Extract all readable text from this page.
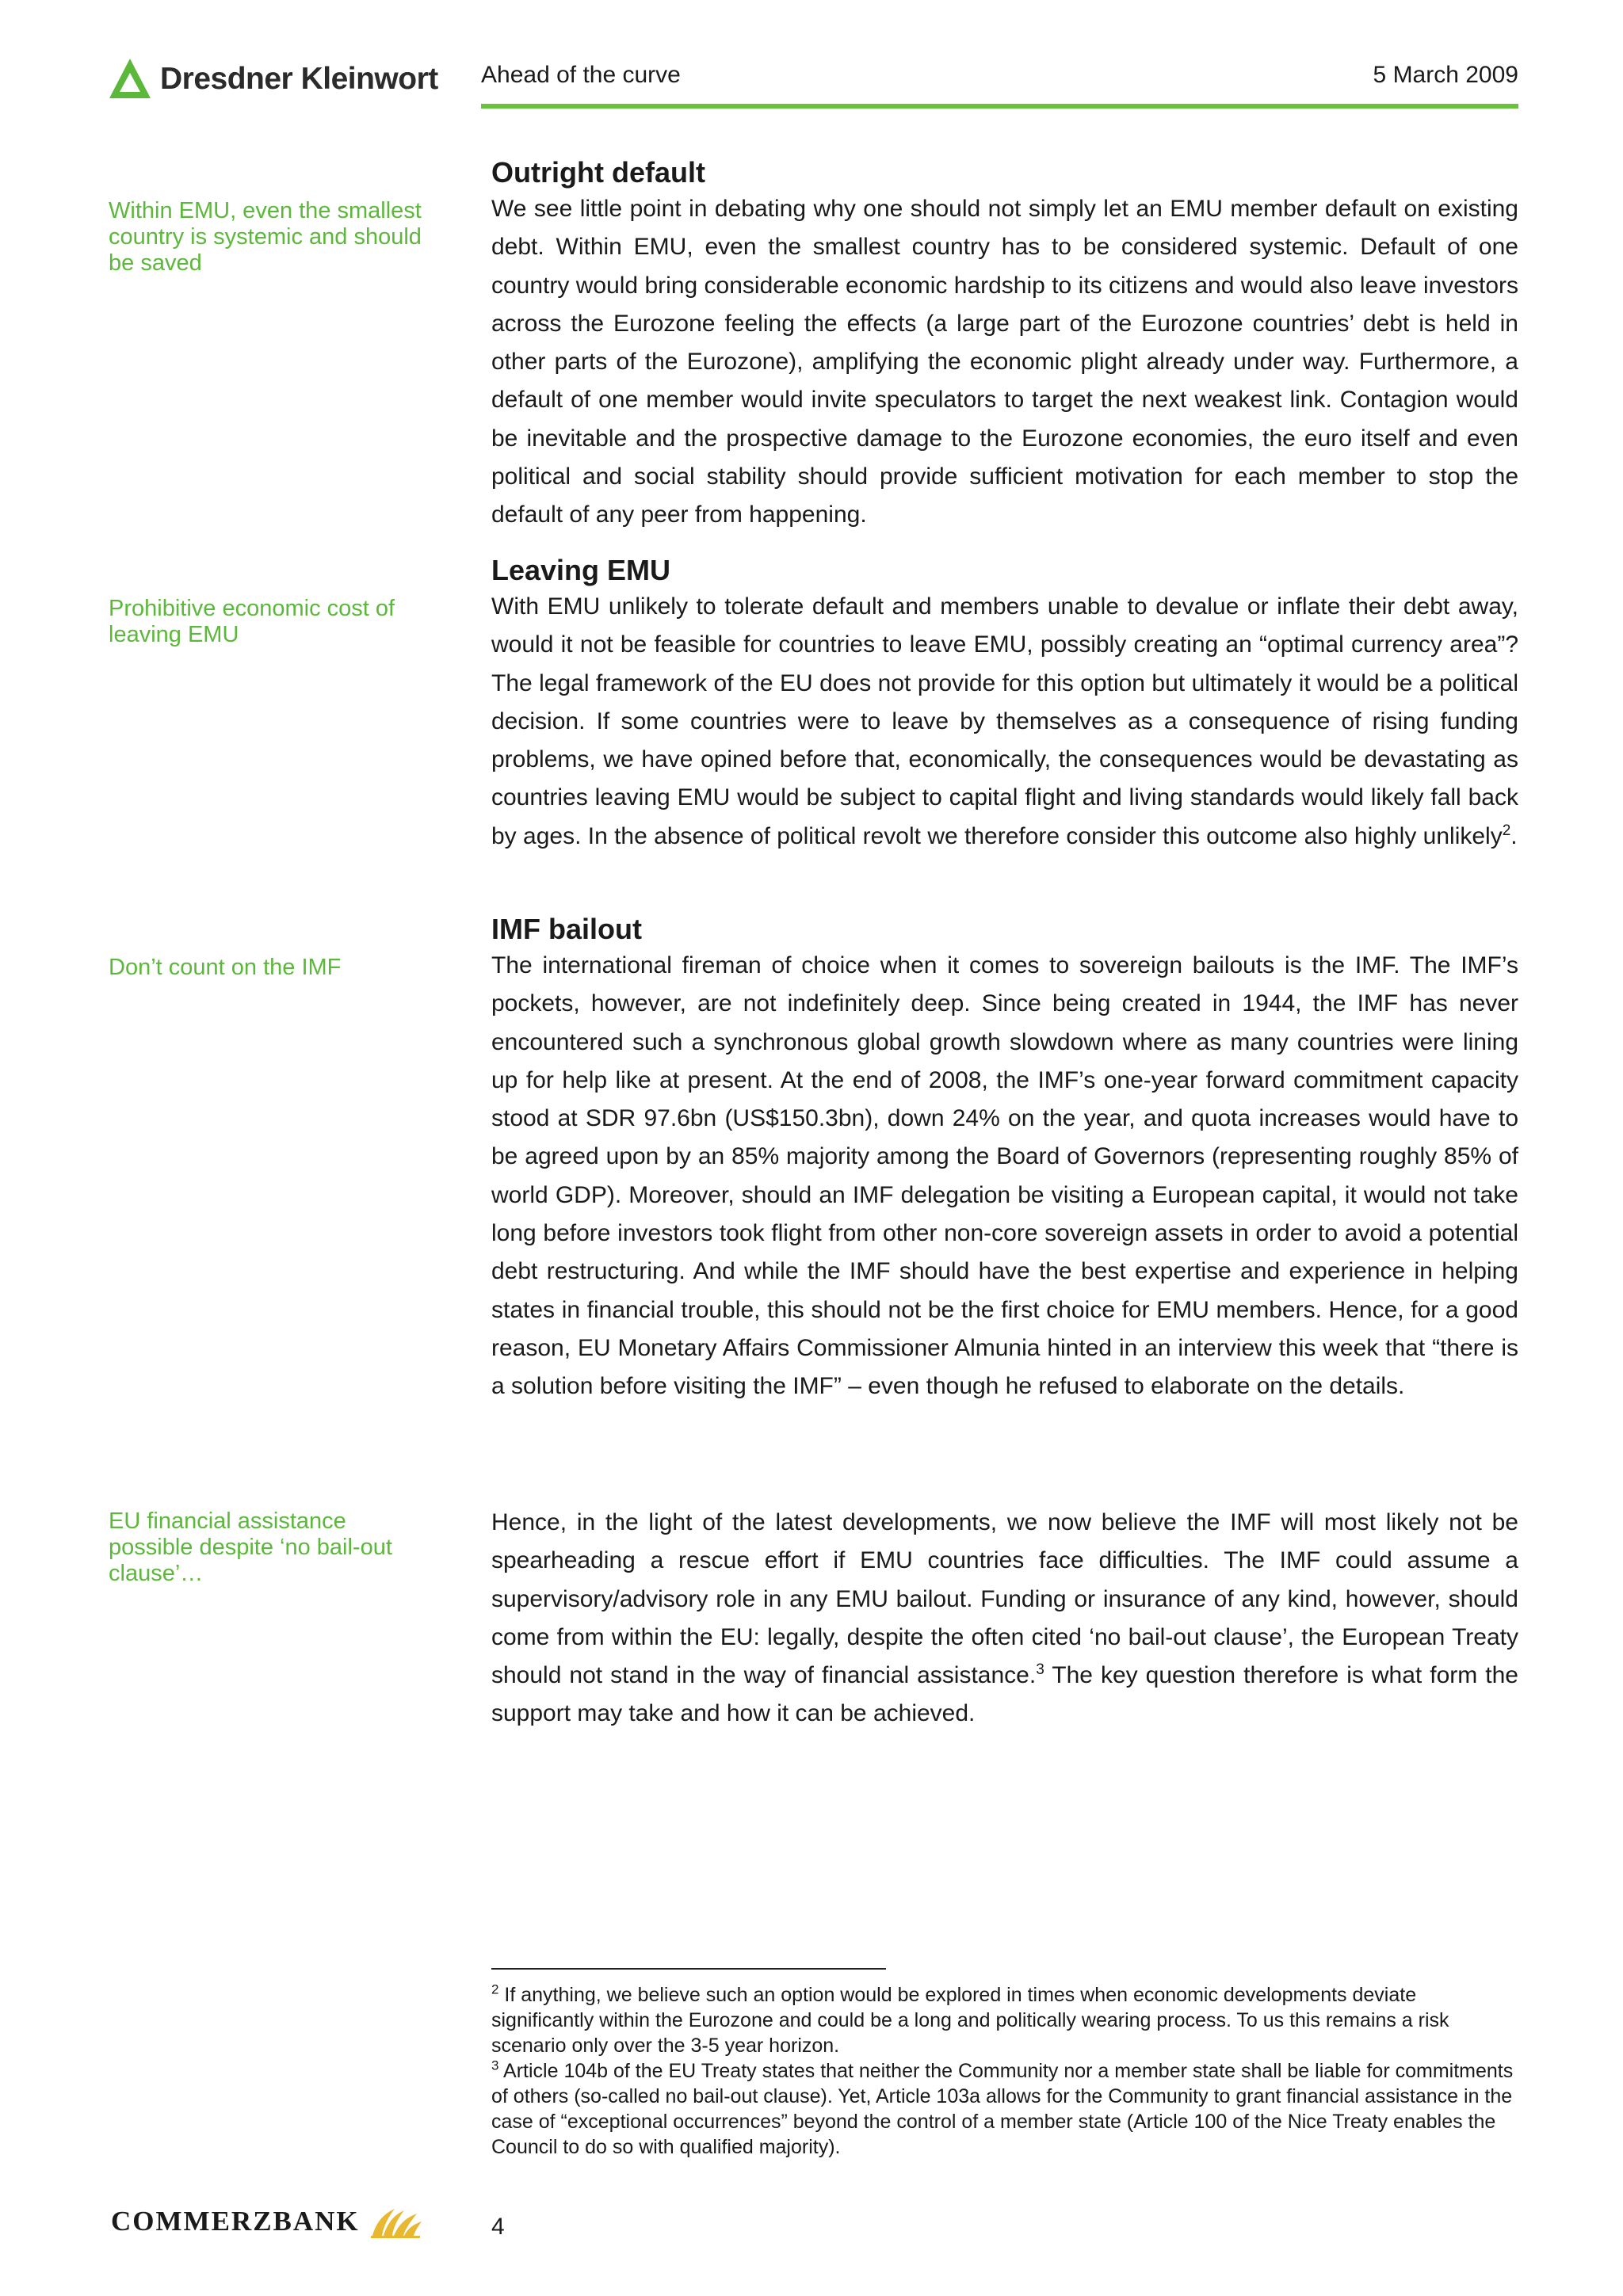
Dresdner Kleinwort Ahead of the curve	5 March 2009
Within EMU, even the smallest country is systemic and should be saved
Prohibitive economic cost of leaving EMU
Don’t count on the IMF
EU financial assistance possible despite ‘no bail-out clause’…
Outright default

We see little point in debating why one should not simply let an EMU member default on existing debt. Within EMU, even the smallest country has to be considered systemic. Default of one country would bring considerable economic hardship to its citizens and would also leave investors across the Eurozone feeling the effects (a large part of the Eurozone countries’ debt is held in other parts of the Eurozone), amplifying the economic plight already under way. Furthermore, a default of one member would invite speculators to target the next weakest link. Contagion would be inevitable and the prospective damage to the Eurozone economies, the euro itself and even political and social stability should provide sufficient motivation for each member to stop the default of any peer from happening.

Leaving EMU

With EMU unlikely to tolerate default and members unable to devalue or inflate their debt away, would it not be feasible for countries to leave EMU, possibly creating an “optimal currency area”? The legal framework of the EU does not provide for this option but ultimately it would be a political decision. If some countries were to leave by themselves as a consequence of rising funding problems, we have opined before that, economically, the consequences would be devastating as countries leaving EMU would be subject to capital flight and living standards would likely fall back by ages. In the absence of political revolt we therefore consider this outcome also highly unlikely$^2$.

IMF bailout

The international fireman of choice when it comes to sovereign bailouts is the IMF. The IMF’s pockets, however, are not indefinitely deep. Since being created in 1944, the IMF has never encountered such a synchronous global growth slowdown where as many countries were lining up for help like at present. At the end of 2008, the IMF’s one-year forward commitment capacity stood at SDR 97.6bn (US$150.3bn), down 24% on the year, and quota increases would have to be agreed upon by an 85% majority among the Board of Governors (representing roughly 85% of world GDP). Moreover, should an IMF delegation be visiting a European capital, it would not take long before investors took flight from other non-core sovereign assets in order to avoid a potential debt restructuring. And while the IMF should have the best expertise and experience in helping states in financial trouble, this should not be the first choice for EMU members. Hence, for a good reason, EU Monetary Affairs Commissioner Almunia hinted in an interview this week that “there is a solution before visiting the IMF” – even though he refused to elaborate on the details.

Hence, in the light of the latest developments, we now believe the IMF will most likely not be spearheading a rescue effort if EMU countries face difficulties. The IMF could assume a supervisory/advisory role in any EMU bailout. Funding or insurance of any kind, however, should come from within the EU: legally, despite the often cited ‘no bail-out clause’, the European Treaty should not stand in the way of financial assistance.$^3$ The key question therefore is what form the support may take and how it can be achieved.

$^2$ If anything, we believe such an option would be explored in times when economic developments deviate significantly within the Eurozone and could be a long and politically wearing process. To us this remains a risk scenario only over the 3-5 year horizon.
$^3$ Article 104b of the EU Treaty states that neither the Community nor a member state shall be liable for commitments of others (so-called no bail-out clause). Yet, Article 103a allows for the Community to grant financial assistance in the case of “exceptional occurrences” beyond the control of a member state (Article 100 of the Nice Treaty enables the Council to do so with qualified majority).
COMMERZBANK	4
